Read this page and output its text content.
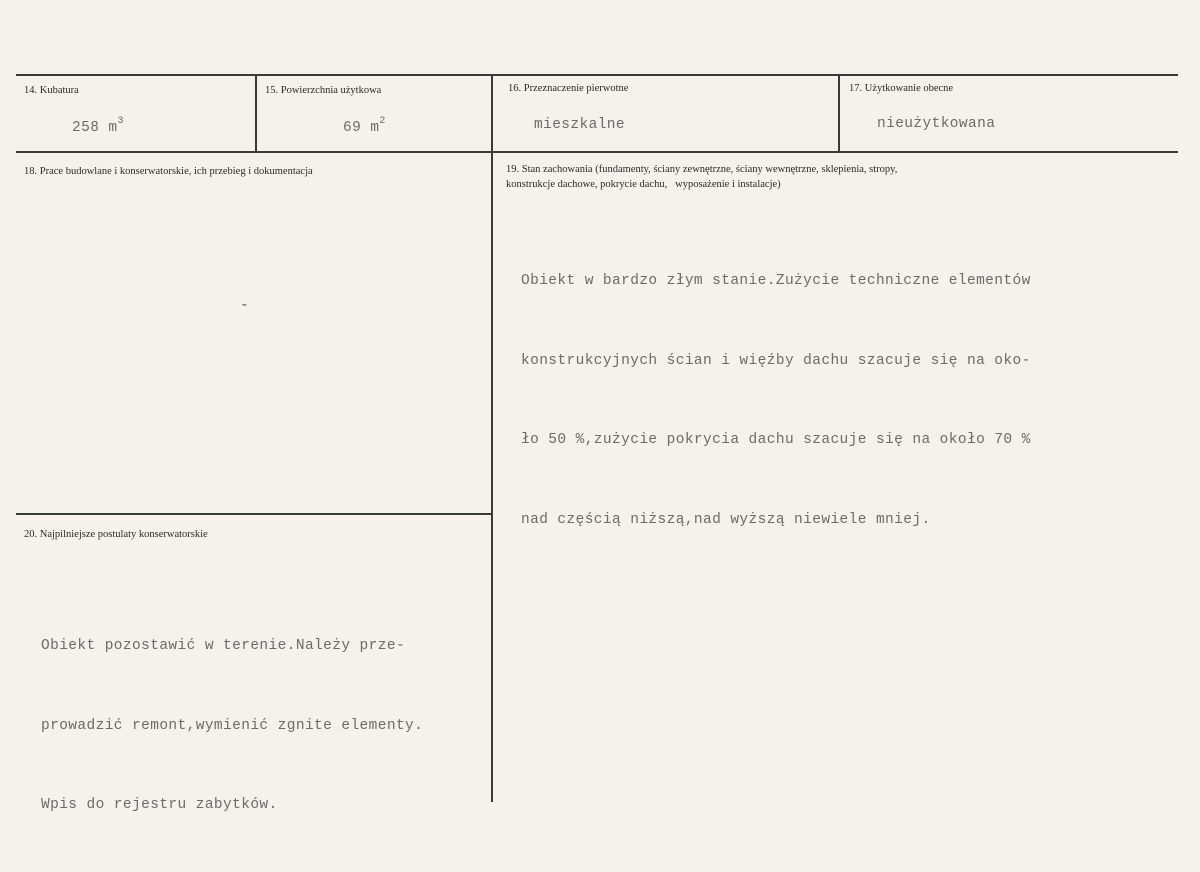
14. Kubatura
258 $m^3$
15. Powierzchnia użytkowa
69 $m^2$
16. Przeznaczenie pierwotne
mieszkalne
17. Użytkowanie obecne
nieużytkowana
18. Prace budowlane i konserwatorskie, ich przebieg i dokumentacja
-
19. Stan zachowania (fundamenty, ściany zewnętrzne, ściany wewnętrzne, sklepienia, stropy,
konstrukcje dachowe, pokrycie dachu,   wyposażenie i instalacje)

Obiekt w bardzo złym stanie.Zużycie techniczne elementów

konstrukcyjnych ścian i więźby dachu szacuje się na oko-

ło 50 %,zużycie pokrycia dachu szacuje się na około 70 %

nad częścią niższą,nad wyższą niewiele mniej.

20. Najpilniejsze postulaty konserwatorskie

Obiekt pozostawić w terenie.Należy prze-

prowadzić remont,wymienić zgnite elementy.

Wpis do rejestru zabytków.
